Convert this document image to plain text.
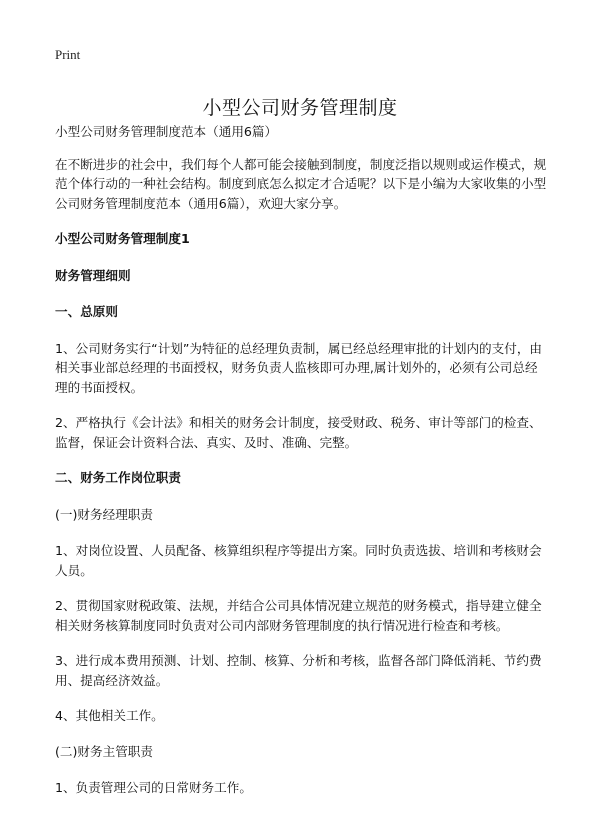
Print
小型公司财务管理制度

小型公司财务管理制度范本（通用6篇）

在不断进步的社会中，我们每个人都可能会接触到制度，制度泛指以规则或运作模式，规范个体行动的一种社会结构。制度到底怎么拟定才合适呢？以下是小编为大家收集的小型公司财务管理制度范本（通用6篇），欢迎大家分享。

小型公司财务管理制度1

财务管理细则

一、总原则

1、公司财务实行“计划”为特征的总经理负责制，属已经总经理审批的计划内的支付，由相关事业部总经理的书面授权，财务负责人监核即可办理,属计划外的，必须有公司总经理的书面授权。

2、严格执行《会计法》和相关的财务会计制度，接受财政、税务、审计等部门的检查、监督，保证会计资料合法、真实、及时、准确、完整。

二、财务工作岗位职责

(一)财务经理职责

1、对岗位设置、人员配备、核算组织程序等提出方案。同时负责选拔、培训和考核财会人员。

2、贯彻国家财税政策、法规，并结合公司具体情况建立规范的财务模式，指导建立健全相关财务核算制度同时负责对公司内部财务管理制度的执行情况进行检查和考核。

3、进行成本费用预测、计划、控制、核算、分析和考核，监督各部门降低消耗、节约费用、提高经济效益。

4、其他相关工作。

(二)财务主管职责

1、负责管理公司的日常财务工作。
